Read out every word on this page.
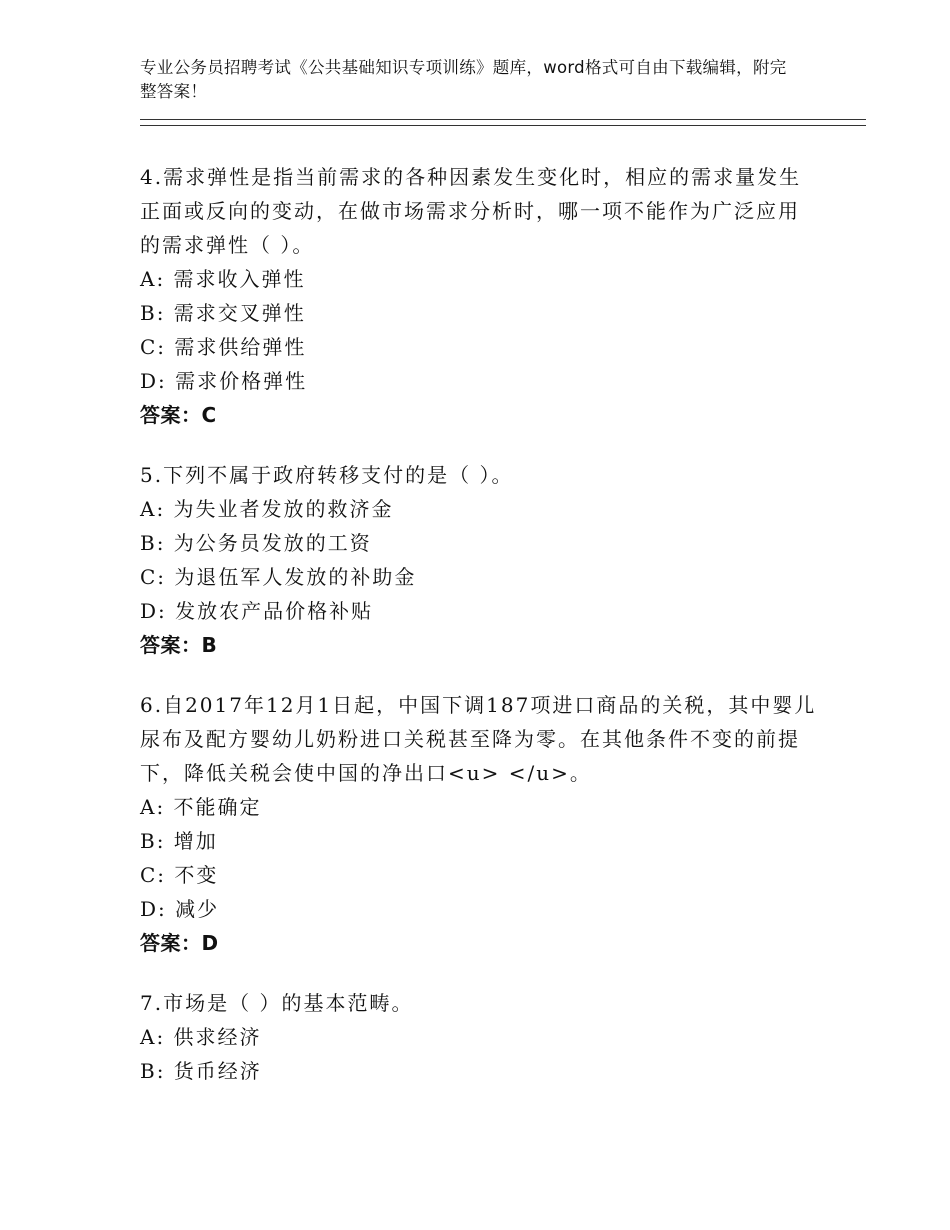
专业公务员招聘考试《公共基础知识专项训练》题库，word格式可自由下载编辑，附完整答案！
4.需求弹性是指当前需求的各种因素发生变化时，相应的需求量发生正面或反向的变动，在做市场需求分析时，哪一项不能作为广泛应用的需求弹性（ ）。
A: 需求收入弹性
B: 需求交叉弹性
C: 需求供给弹性
D: 需求价格弹性
答案：C
5.下列不属于政府转移支付的是（ ）。
A: 为失业者发放的救济金
B: 为公务员发放的工资
C: 为退伍军人发放的补助金
D: 发放农产品价格补贴
答案：B
6.自2017年12月1日起，中国下调187项进口商品的关税，其中婴儿尿布及配方婴幼儿奶粉进口关税甚至降为零。在其他条件不变的前提下，降低关税会使中国的净出口<u> </u>。
A: 不能确定
B: 增加
C: 不变
D: 减少
答案：D
7.市场是（ ）的基本范畴。
A: 供求经济
B: 货币经济
